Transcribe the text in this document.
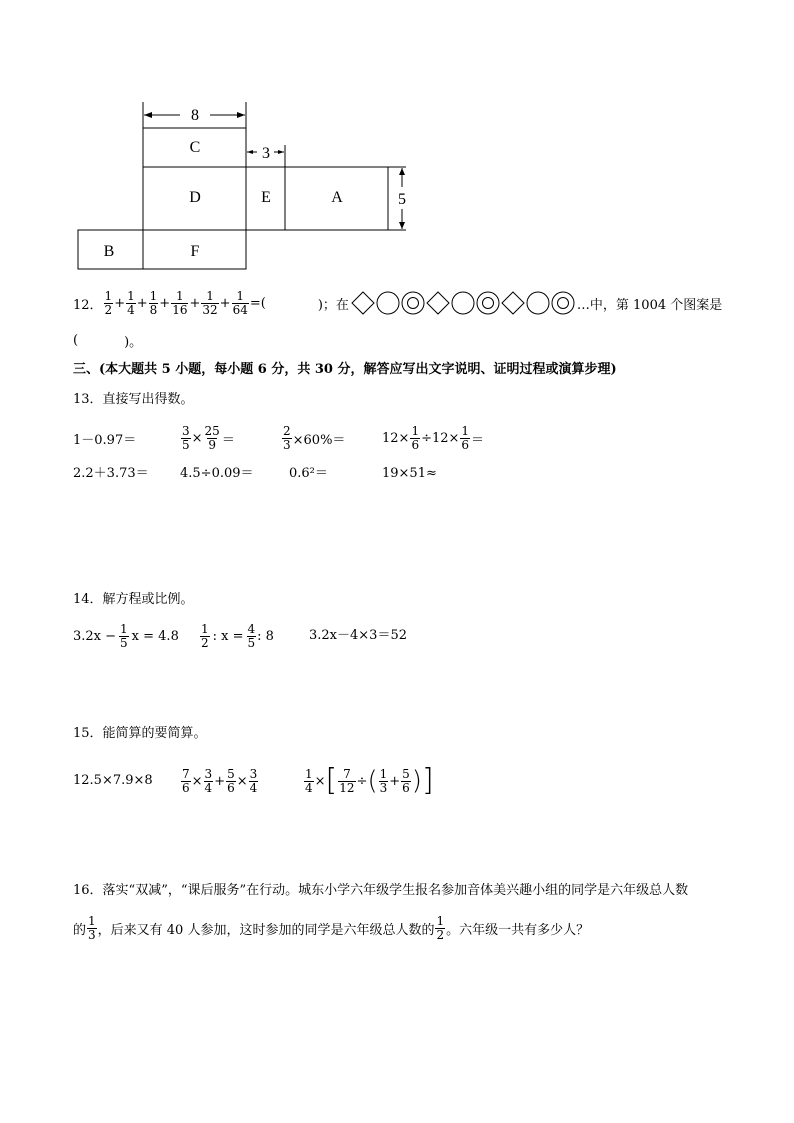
8
3
5
C
D	E	A
B	F
12． $\frac{1}{2} + \frac{1}{4} + \frac{1}{8} + \frac{1}{16} + \frac{1}{32} + \frac{1}{64}$ =(	)；在	…中，第 1004 个图案是
(	)。
三、(本大题共 5 小题，每小题 6 分，共 30 分，解答应写出文字说明、证明过程或演算步理)
13．直接写出得数。
1－0.97＝	$\frac{3}{5} \times \frac{25}{9}$ ＝	$\frac{2}{3} \times 60\%=$	$12\times \frac{1}{6} \div 12\times \frac{1}{6}$ ＝
2.2＋3.73＝ 4.5÷0.09＝	0.6²＝	19×51≈
14．解方程或比例。
$3.2x - \frac{1}{5}$ $x = 4.8 \frac{1}{2}$ : $x = \frac{4}{5}$ : 8	3.2x－4×3＝52
15．能简算的要简算。
$12.5\times 7.9\times 8 \frac{7}{6} \times \frac{3}{4} + \frac{5}{6} \times \frac{3}{4}$	$\frac{1}{4}$ × [ $\frac{7}{12}$ ÷ ( $\frac{1}{3} + \frac{5}{6}$ ) ]
16．落实“双减”，“课后服务”在行动。城东小学六年级学生报名参加音体美兴趣小组的同学是六年级总人数
的 $\frac{1}{3}$ ，后来又有 40 人参加，这时参加的同学是六年级总人数的 $\frac{1}{2}$ 。六年级一共有多少人？
